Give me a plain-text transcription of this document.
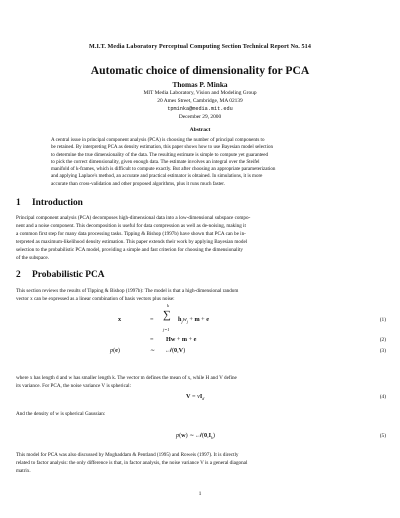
M.I.T. Media Laboratory Perceptual Computing Section Technical Report No. 514
Automatic choice of dimensionality for PCA
Thomas P. Minka
MIT Media Laboratory, Vision and Modeling Group
20 Ames Street, Cambridge, MA 02139
tpminka@media.mit.edu
December 29, 2000
Abstract
A central issue in principal component analysis (PCA) is choosing the number of principal components to
be retained. By interpreting PCA as density estimation, this paper shows how to use Bayesian model selection
to determine the true dimensionality of the data. The resulting estimate is simple to compute yet guaranteed
to pick the correct dimensionality, given enough data. The estimate involves an integral over the Steifel
manifold of k-frames, which is difficult to compute exactly. But after choosing an appropriate parameterization
and applying Laplace's method, an accurate and practical estimator is obtained. In simulations, it is more
accurate than cross-validation and other proposed algorithms, plus it runs much faster.
1 Introduction
Principal component analysis (PCA) decomposes high-dimensional data into a low-dimensional subspace compo-
nent and a noise component. This decomposition is useful for data compression as well as de-noising, making it
a common first step for many data processing tasks. Tipping & Bishop (1997b) have shown that PCA can be in-
terpreted as maximum-likelihood density estimation. This paper extends their work by applying Bayesian model
selection to the probabilistic PCA model, providing a simple and fast criterion for choosing the dimensionality
of the subspace.
2 Probabilistic PCA
This section reviews the results of Tipping & Bishop (1997b): The model is that a high-dimensional random
vector x can be expressed as a linear combination of basis vectors plus noise:
x	=
k
∑
j=1
$h_jw_j + m + e$	(1)
= Hw + m + e	(2)
p(e)	∼ 𝒩(0,V)	(3)
where x has length d and w has smaller length k. The vector m defines the mean of x, while H and V define
its variance. For PCA, the noise variance V is spherical:
$V = vI_d$	(4)
And the density of w is spherical Gaussian:
p(w) ∼ $𝒩(0,I_k)$	(5)
This model for PCA was also discussed by Moghaddam & Pentland (1995) and Roweis (1997). It is directly
related to factor analysis: the only difference is that, in factor analysis, the noise variance V is a general diagonal
matrix.
1
